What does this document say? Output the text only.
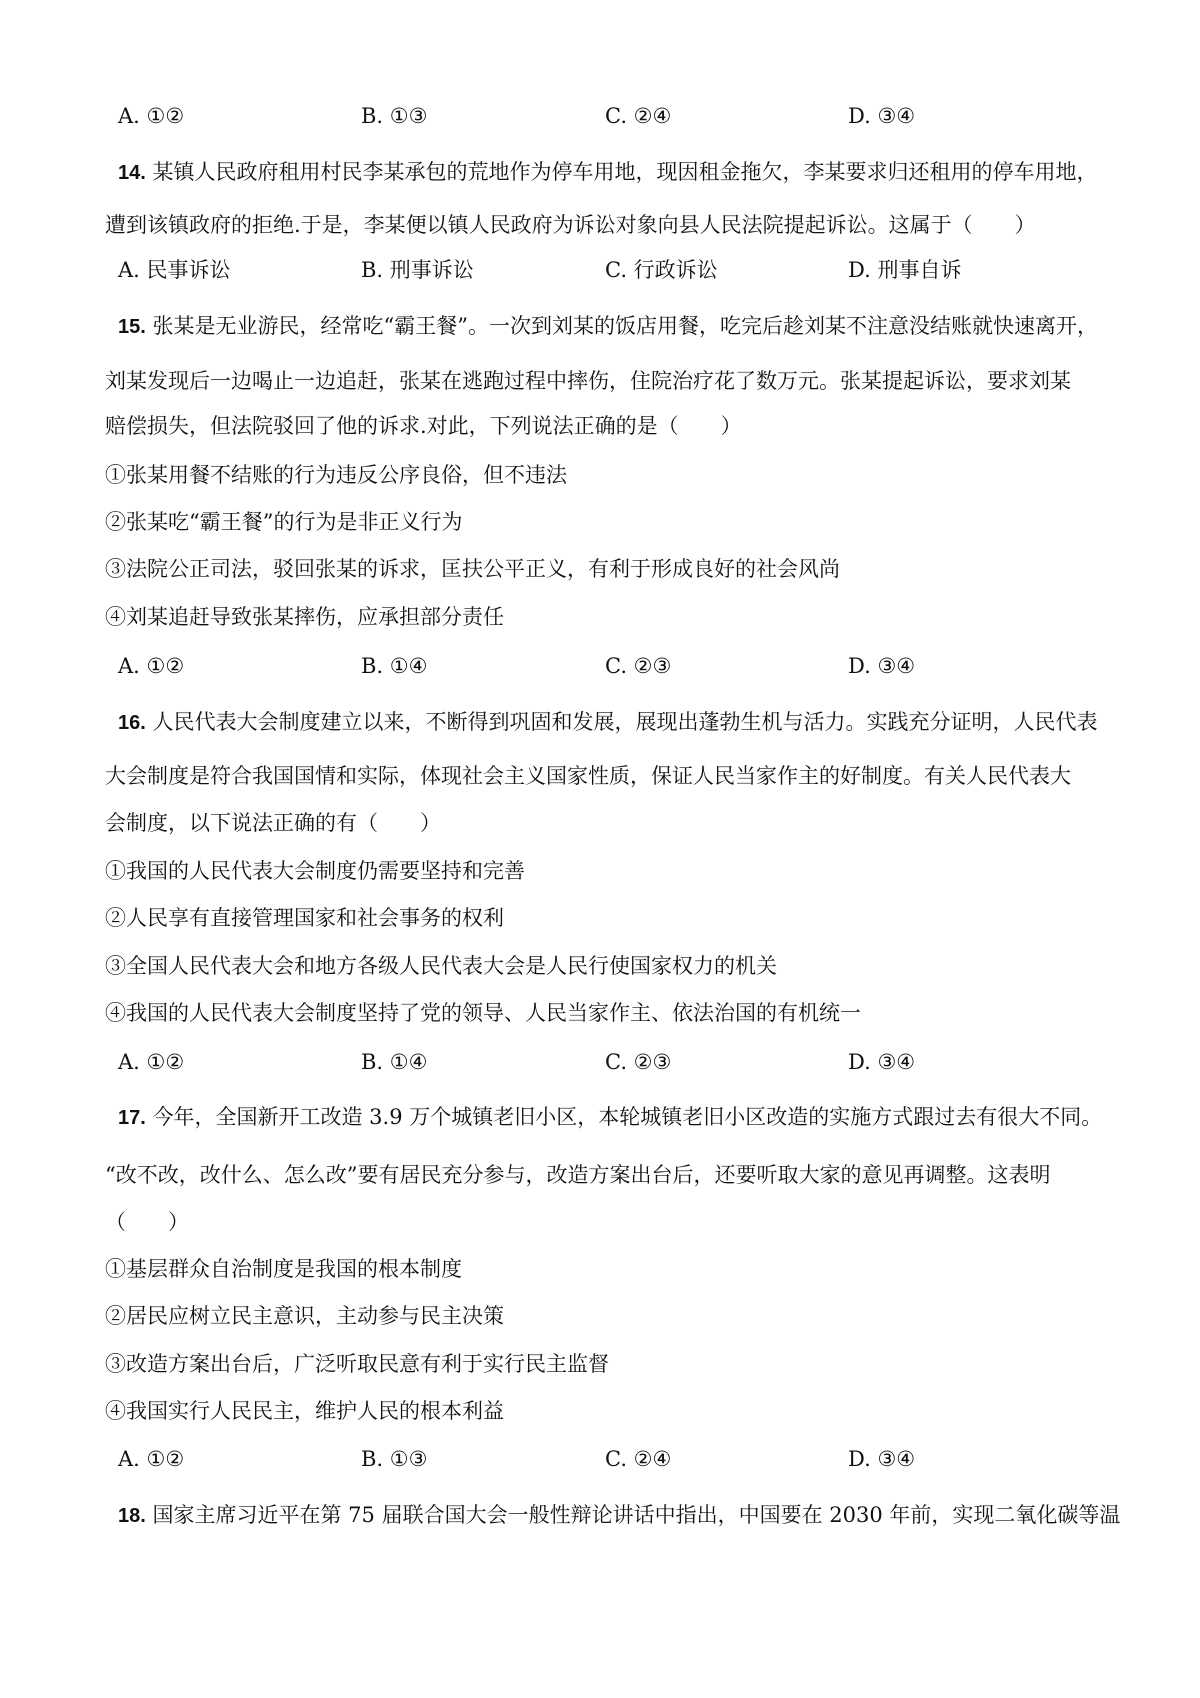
A. ①②	B. ①③	C. ②④	D. ③④
14. 某镇人民政府租用村民李某承包的荒地作为停车用地，现因租金拖欠，李某要求归还租用的停车用地，
遭到该镇政府的拒绝.于是，李某便以镇人民政府为诉讼对象向县人民法院提起诉讼。这属于（　　）
A. 民事诉讼	B. 刑事诉讼	C. 行政诉讼	D. 刑事自诉
15. 张某是无业游民，经常吃“霸王餐”。一次到刘某的饭店用餐，吃完后趁刘某不注意没结账就快速离开，
刘某发现后一边喝止一边追赶，张某在逃跑过程中摔伤，住院治疗花了数万元。张某提起诉讼，要求刘某
赔偿损失，但法院驳回了他的诉求.对此，下列说法正确的是（　　）
①张某用餐不结账的行为违反公序良俗，但不违法
②张某吃“霸王餐”的行为是非正义行为
③法院公正司法，驳回张某的诉求，匡扶公平正义，有利于形成良好的社会风尚
④刘某追赶导致张某摔伤，应承担部分责任
A. ①②	B. ①④	C. ②③	D. ③④
16. 人民代表大会制度建立以来，不断得到巩固和发展，展现出蓬勃生机与活力。实践充分证明，人民代表
大会制度是符合我国国情和实际，体现社会主义国家性质，保证人民当家作主的好制度。有关人民代表大
会制度，以下说法正确的有（　　）
①我国的人民代表大会制度仍需要坚持和完善
②人民享有直接管理国家和社会事务的权利
③全国人民代表大会和地方各级人民代表大会是人民行使国家权力的机关
④我国的人民代表大会制度坚持了党的领导、人民当家作主、依法治国的有机统一
A. ①②	B. ①④	C. ②③	D. ③④
17. 今年，全国新开工改造 3.9 万个城镇老旧小区，本轮城镇老旧小区改造的实施方式跟过去有很大不同。
“改不改，改什么、怎么改”要有居民充分参与，改造方案出台后，还要听取大家的意见再调整。这表明
（　　）
①基层群众自治制度是我国的根本制度
②居民应树立民主意识，主动参与民主决策
③改造方案出台后，广泛听取民意有利于实行民主监督
④我国实行人民民主，维护人民的根本利益
A. ①②	B. ①③	C. ②④	D. ③④
18. 国家主席习近平在第 75 届联合国大会一般性辩论讲话中指出，中国要在 2030 年前，实现二氧化碳等温
